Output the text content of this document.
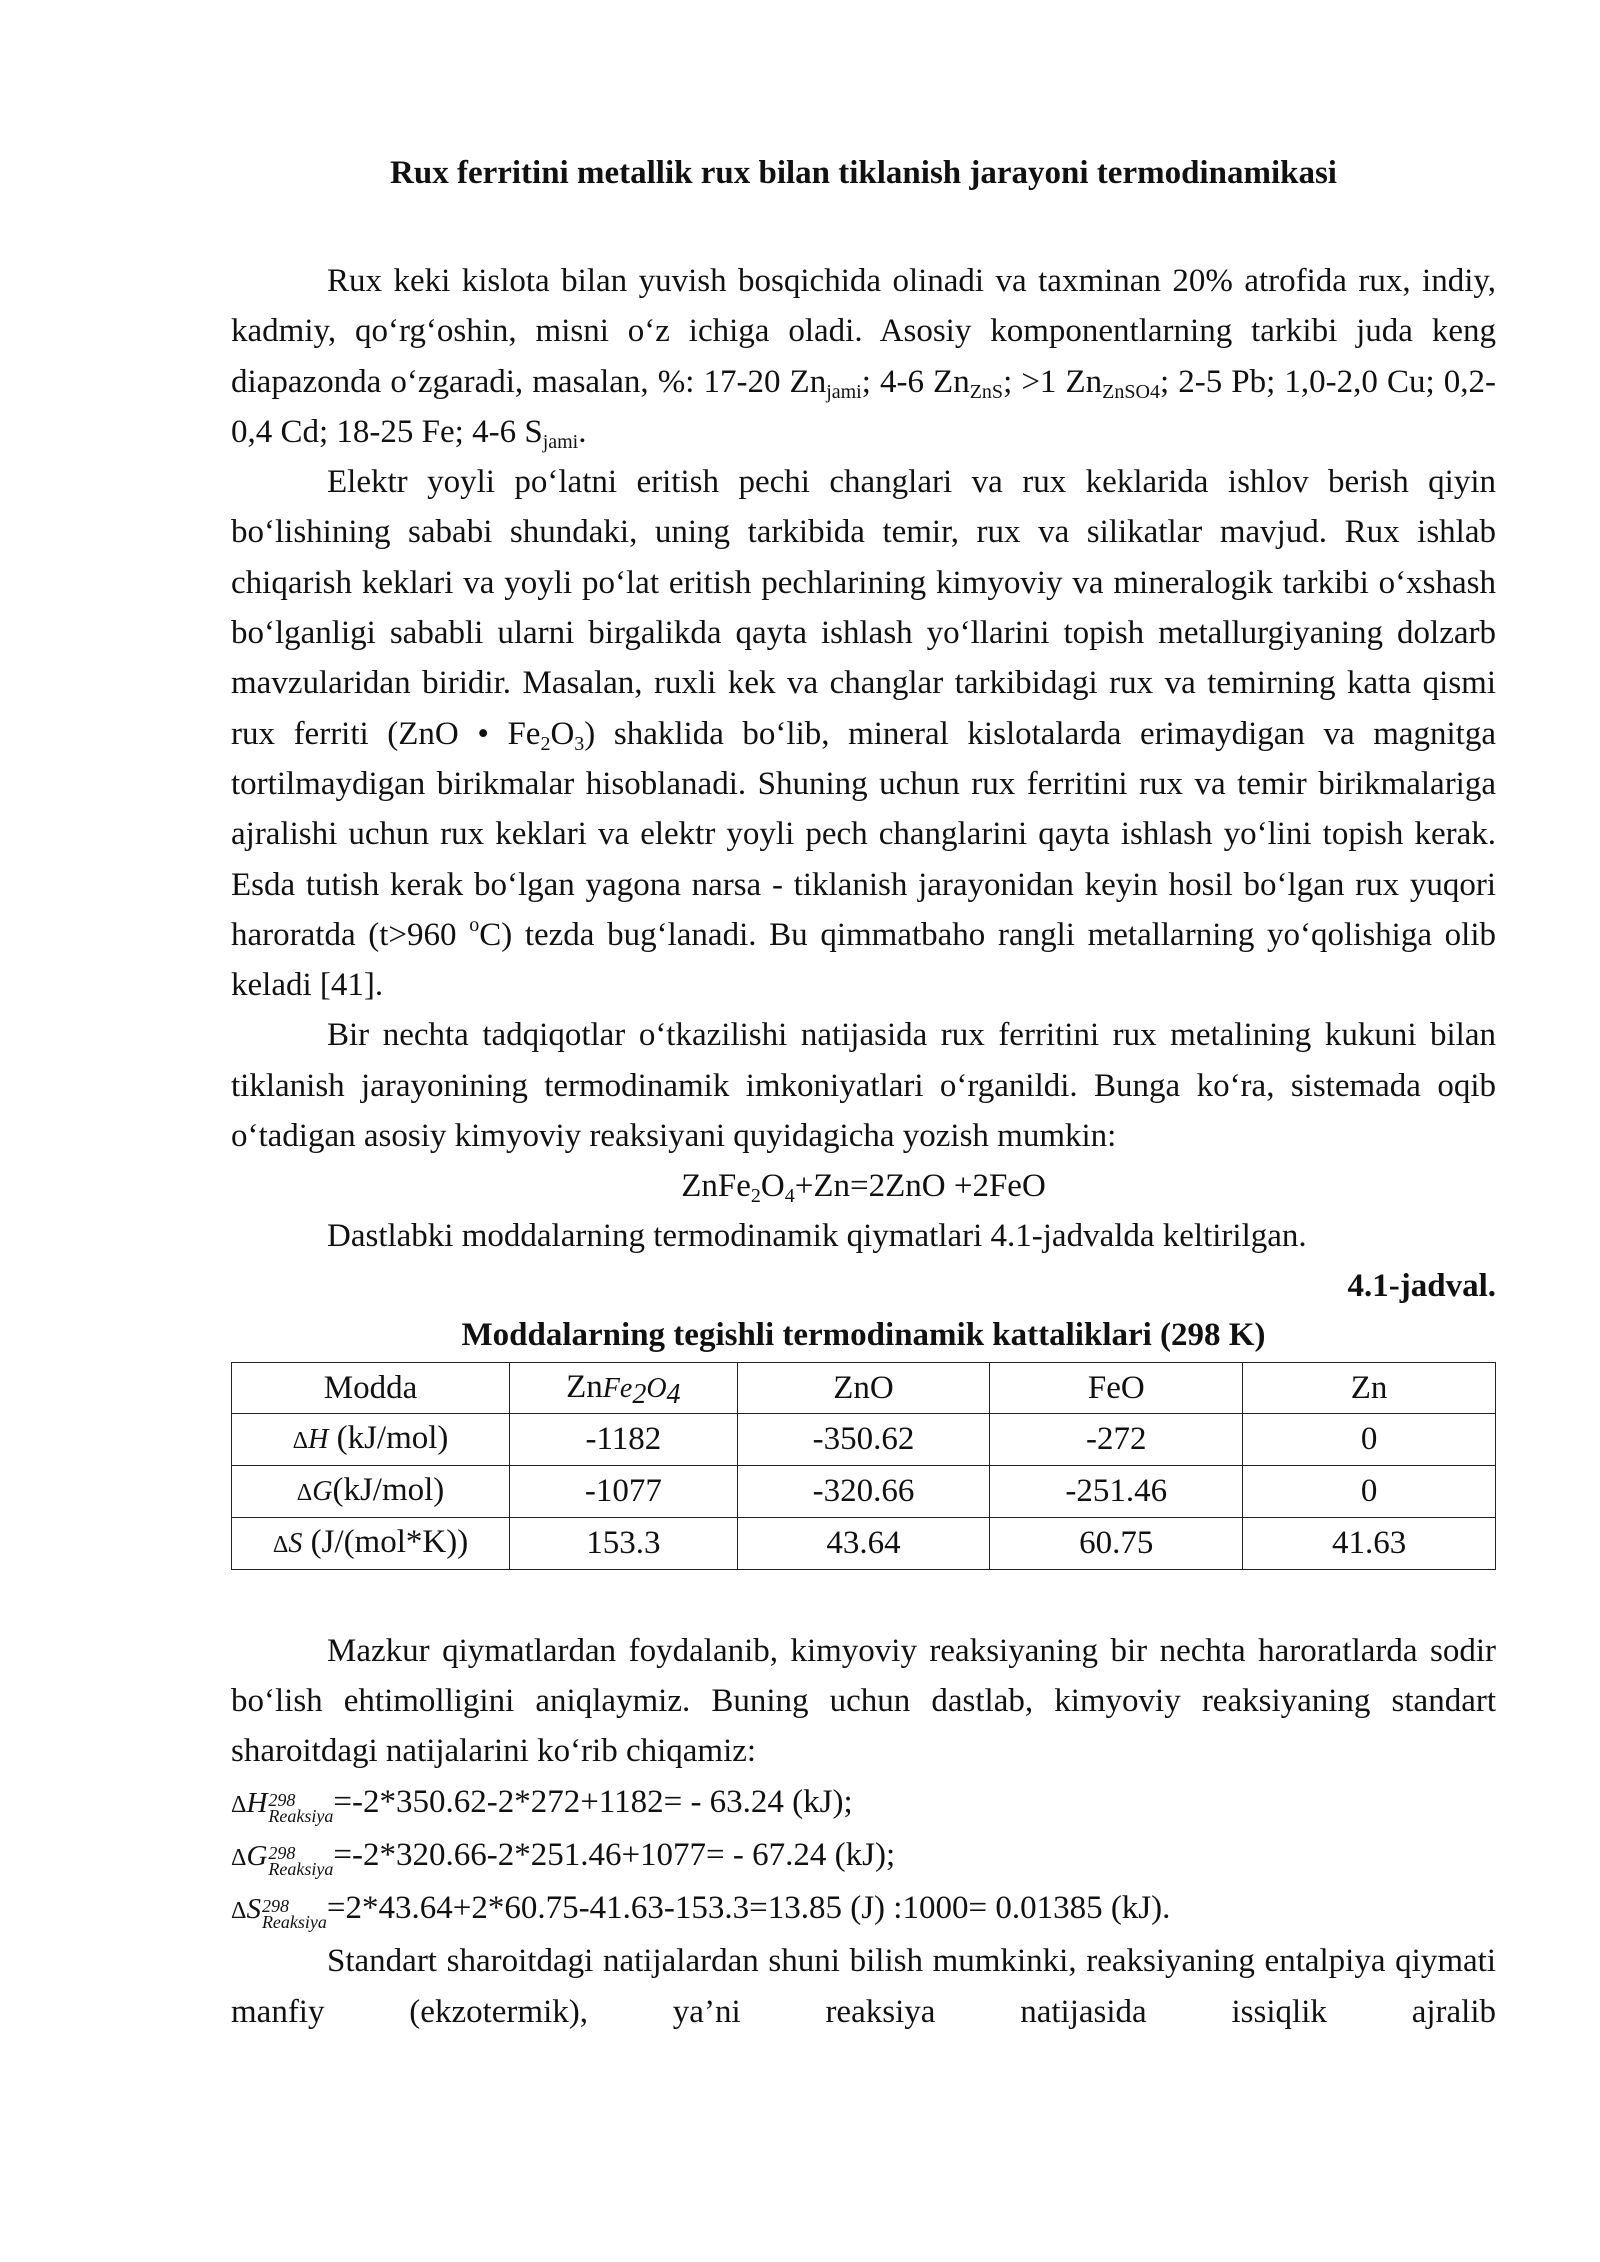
Rux ferritini metallik rux bilan tiklanish jarayoni termodinamikasi

Rux keki kislota bilan yuvish bosqichida olinadi va taxminan 20% atrofida rux, indiy, kadmiy, qo‘rg‘oshin, misni o‘z ichiga oladi. Asosiy komponentlarning tarkibi juda keng diapazonda o‘zgaradi, masalan, %: 17-20 $Zn_{jami}$; 4-6 $Zn_{ZnS}$; >1 $Zn_{ZnSO4}$; 2-5 Pb; 1,0-2,0 Cu; 0,2-0,4 Cd; 18-25 Fe; 4-6 $S_{jami}$.

Elektr yoyli po‘latni eritish pechi changlari va rux keklarida ishlov berish qiyin bo‘lishining sababi shundaki, uning tarkibida temir, rux va silikatlar mavjud. Rux ishlab chiqarish keklari va yoyli po‘lat eritish pechlarining kimyoviy va mineralogik tarkibi o‘xshash bo‘lganligi sababli ularni birgalikda qayta ishlash yo‘llarini topish metallurgiyaning dolzarb mavzularidan biridir. Masalan, ruxli kek va changlar tarkibidagi rux va temirning katta qismi rux ferriti (ZnO • $Fe_2O_3$) shaklida bo‘lib, mineral kislotalarda erimaydigan va magnitga tortilmaydigan birikmalar hisoblanadi. Shuning uchun rux ferritini rux va temir birikmalariga ajralishi uchun rux keklari va elektr yoyli pech changlarini qayta ishlash yo‘lini topish kerak. Esda tutish kerak bo‘lgan yagona narsa - tiklanish jarayonidan keyin hosil bo‘lgan rux yuqori haroratda (t>960 $^o$C) tezda bug‘lanadi. Bu qimmatbaho rangli metallarning yo‘qolishiga olib keladi [41].

Bir nechta tadqiqotlar o‘tkazilishi natijasida rux ferritini rux metalining kukuni bilan tiklanish jarayonining termodinamik imkoniyatlari o‘rganildi. Bunga ko‘ra, sistemada oqib o‘tadigan asosiy kimyoviy reaksiyani quyidagicha yozish mumkin:

$ZnFe_2O_4+Zn=2ZnO +2FeO$

Dastlabki moddalarning termodinamik qiymatlari 4.1-jadvalda keltirilgan.

4.1-jadval.
Moddalarning tegishli termodinamik kattaliklari (298 K)
Modda	$ZnFe_2O_4$	ZnO	FeO	Zn
ΔH (kJ/mol)	-1182	-350.62	-272	0
ΔG(kJ/mol)	-1077	-320.66	-251.46	0
ΔS (J/(mol*K))	153.3	43.64	60.75	41.63

Mazkur qiymatlardan foydalanib, kimyoviy reaksiyaning bir nechta haroratlarda sodir bo‘lish ehtimolligini aniqlaymiz. Buning uchun dastlab, kimyoviy reaksiyaning standart sharoitdagi natijalarini ko‘rib chiqamiz:

ΔH 298
Reaksiya =-2*350.62-2*272+1182= - 63.24 (kJ);
ΔG 298
Reaksiya =-2*320.66-2*251.46+1077= - 67.24 (kJ);
ΔS 298
Reaksiya =2*43.64+2*60.75-41.63-153.3=13.85 (J) :1000= 0.01385 (kJ).

Standart sharoitdagi natijalardan shuni bilish mumkinki, reaksiyaning entalpiya qiymati manfiy (ekzotermik), ya’ni reaksiya natijasida issiqlik ajralib
